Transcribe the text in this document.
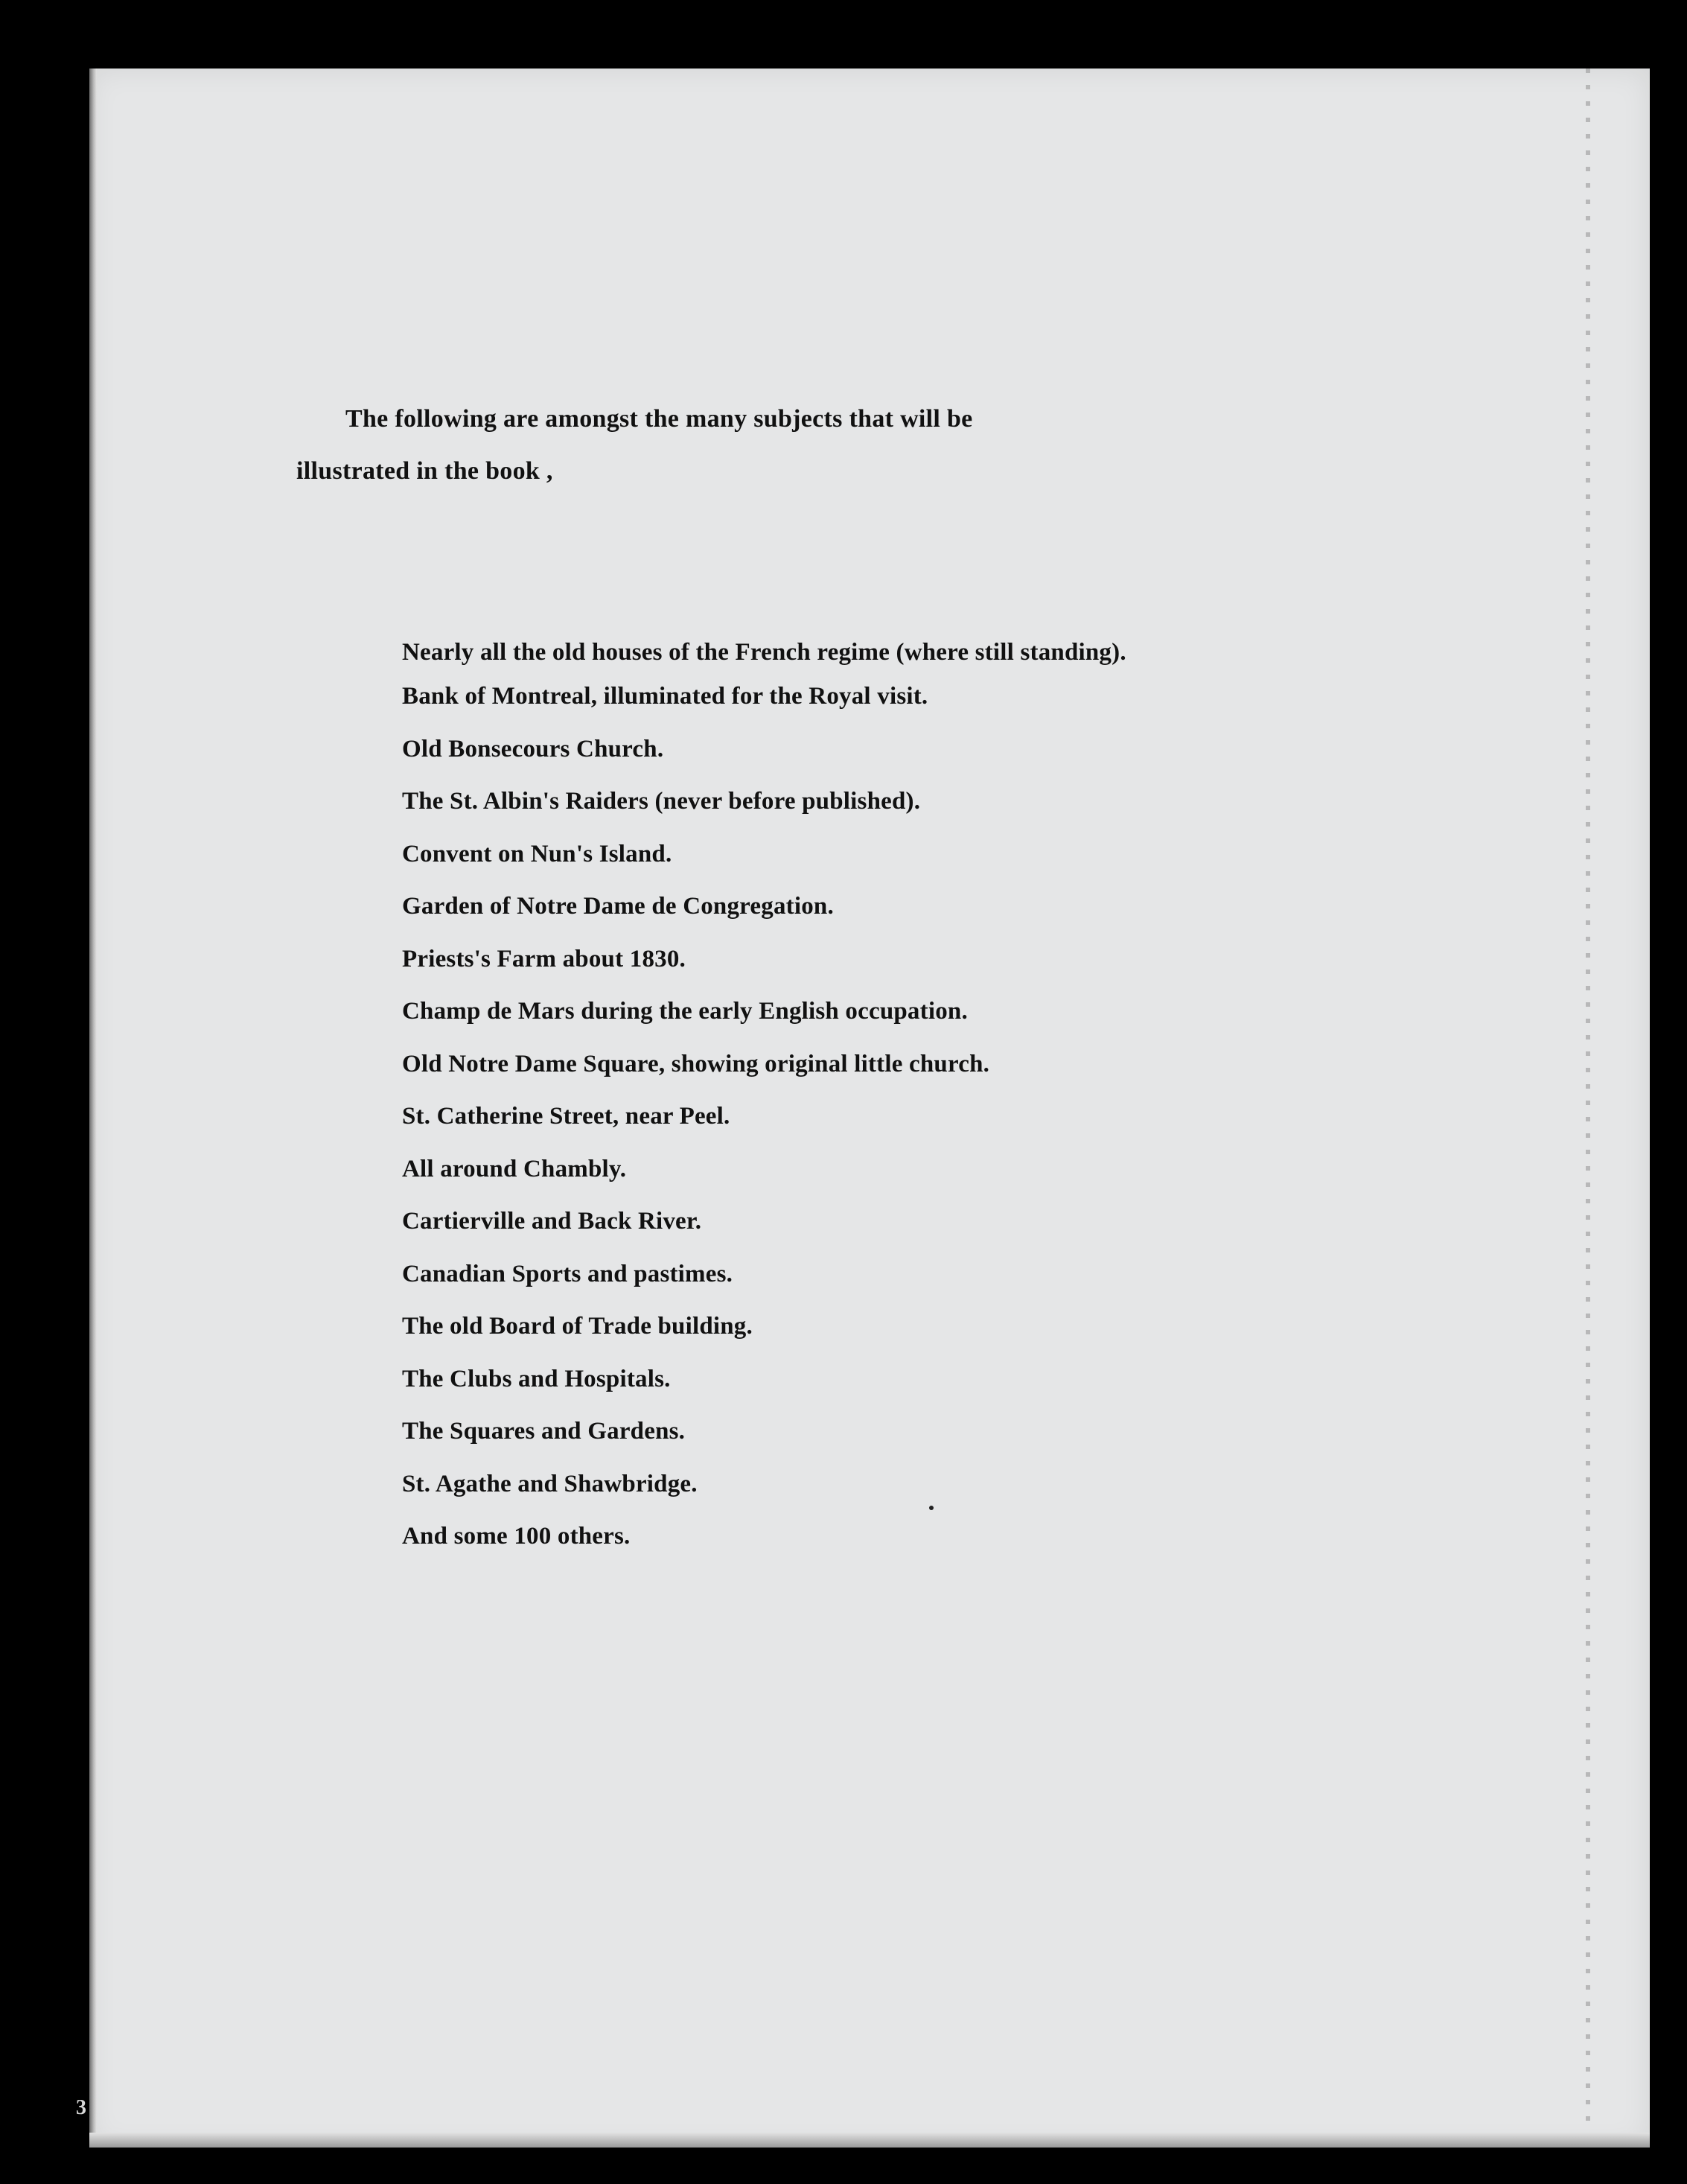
The following are amongst the many subjects that will be
illustrated in the book ,
Nearly all the old houses of the French regime (where still standing).
Bank of Montreal, illuminated for the Royal visit.
Old Bonsecours Church.
The St. Albin's Raiders (never before published).
Convent on Nun's Island.
Garden of Notre Dame de Congregation.
Priests's Farm about 1830.
Champ de Mars during the early English occupation.
Old Notre Dame Square, showing original little church.
St. Catherine Street, near Peel.
All around Chambly.
Cartierville and Back River.
Canadian Sports and pastimes.
The old Board of Trade building.
The Clubs and Hospitals.
The Squares and Gardens.
St. Agathe and Shawbridge.
And some 100 others.
3
